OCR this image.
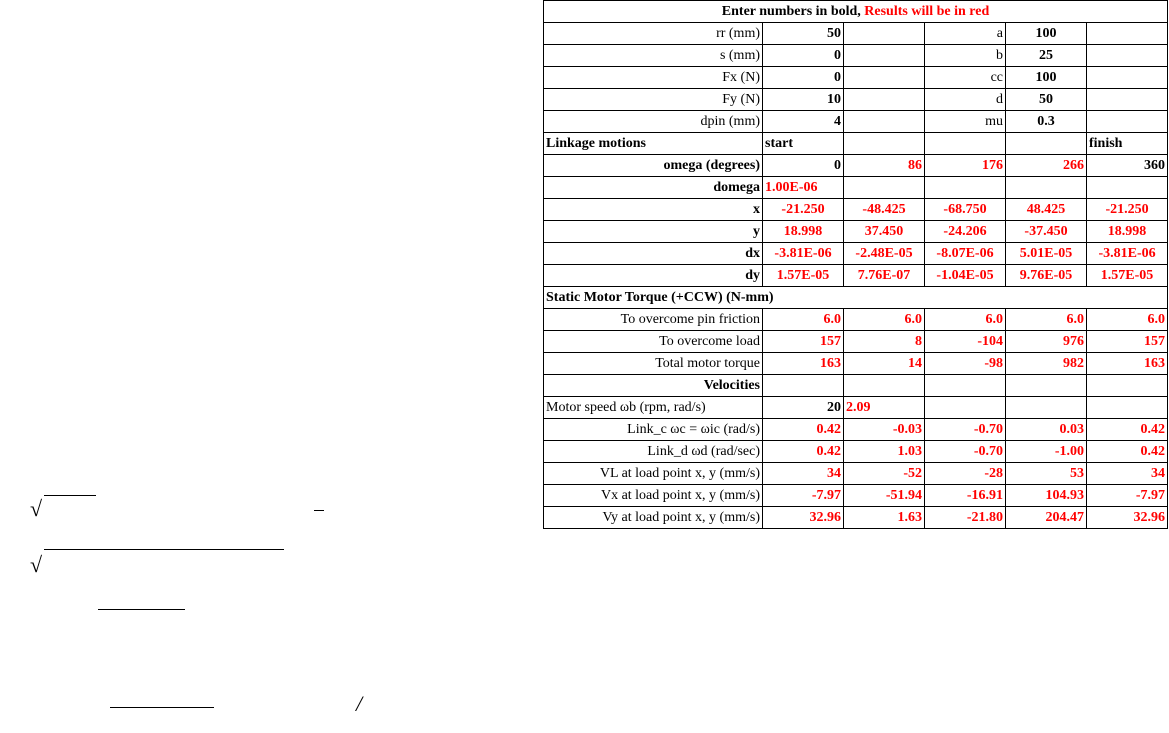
√
√
/
Enter numbers in bold, Results will be in red					
rr (mm)	50		a	100	
s (mm)	0		b	25	
Fx (N)	0		cc	100	
Fy (N)	10		d	50	
dpin (mm)	4		mu	0.3	
Linkage motions	start				finish
omega (degrees)	0	86	176	266	360
domega	1.00E-06				
x	-21.250	-48.425	-68.750	48.425	-21.250
y	18.998	37.450	-24.206	-37.450	18.998
dx	-3.81E-06	-2.48E-05	-8.07E-06	5.01E-05	-3.81E-06
dy	1.57E-05	7.76E-07	-1.04E-05	9.76E-05	1.57E-05
Static Motor Torque (+CCW) (N-mm)					
To overcome pin friction	6.0	6.0	6.0	6.0	6.0
To overcome load	157	8	-104	976	157
Total motor torque	163	14	-98	982	163
Velocities					
Motor speed ωb (rpm, rad/s)	20	2.09			
Link_c ωc = ωic (rad/s)	0.42	-0.03	-0.70	0.03	0.42
Link_d ωd (rad/sec)	0.42	1.03	-0.70	-1.00	0.42
VL at load point x, y (mm/s)	34	-52	-28	53	34
Vx at load point x, y (mm/s)	-7.97	-51.94	-16.91	104.93	-7.97
Vy at load point x, y (mm/s)	32.96	1.63	-21.80	204.47	32.96
